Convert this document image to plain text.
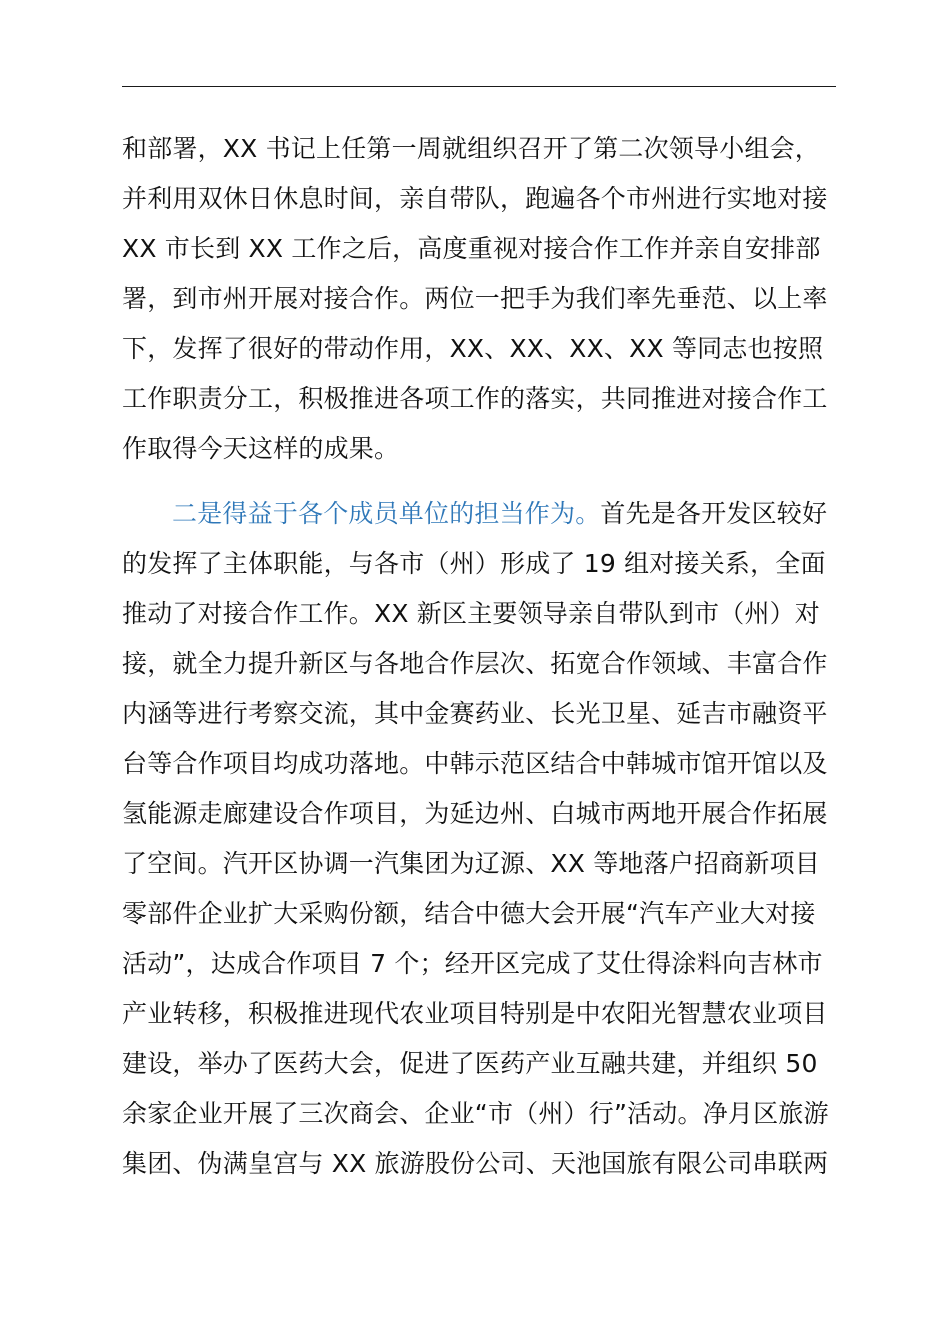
和部署，XX 书记上任第一周就组织召开了第二次领导小组会，
并利用双休日休息时间，亲自带队，跑遍各个市州进行实地对接
XX 市长到 XX 工作之后，高度重视对接合作工作并亲自安排部
署，到市州开展对接合作。两位一把手为我们率先垂范、以上率
下，发挥了很好的带动作用，XX、XX、XX、XX 等同志也按照
工作职责分工，积极推进各项工作的落实，共同推进对接合作工
作取得今天这样的成果。
二是得益于各个成员单位的担当作为。首先是各开发区较好
的发挥了主体职能，与各市（州）形成了 19 组对接关系，全面
推动了对接合作工作。XX 新区主要领导亲自带队到市（州）对
接，就全力提升新区与各地合作层次、拓宽合作领域、丰富合作
内涵等进行考察交流，其中金赛药业、长光卫星、延吉市融资平
台等合作项目均成功落地。中韩示范区结合中韩城市馆开馆以及
氢能源走廊建设合作项目，为延边州、白城市两地开展合作拓展
了空间。汽开区协调一汽集团为辽源、XX 等地落户招商新项目
零部件企业扩大采购份额，结合中德大会开展“汽车产业大对接
活动”，达成合作项目 7 个；经开区完成了艾仕得涂料向吉林市
产业转移，积极推进现代农业项目特别是中农阳光智慧农业项目
建设，举办了医药大会，促进了医药产业互融共建，并组织 50
余家企业开展了三次商会、企业“市（州）行”活动。净月区旅游
集团、伪满皇宫与 XX 旅游股份公司、天池国旅有限公司串联两
